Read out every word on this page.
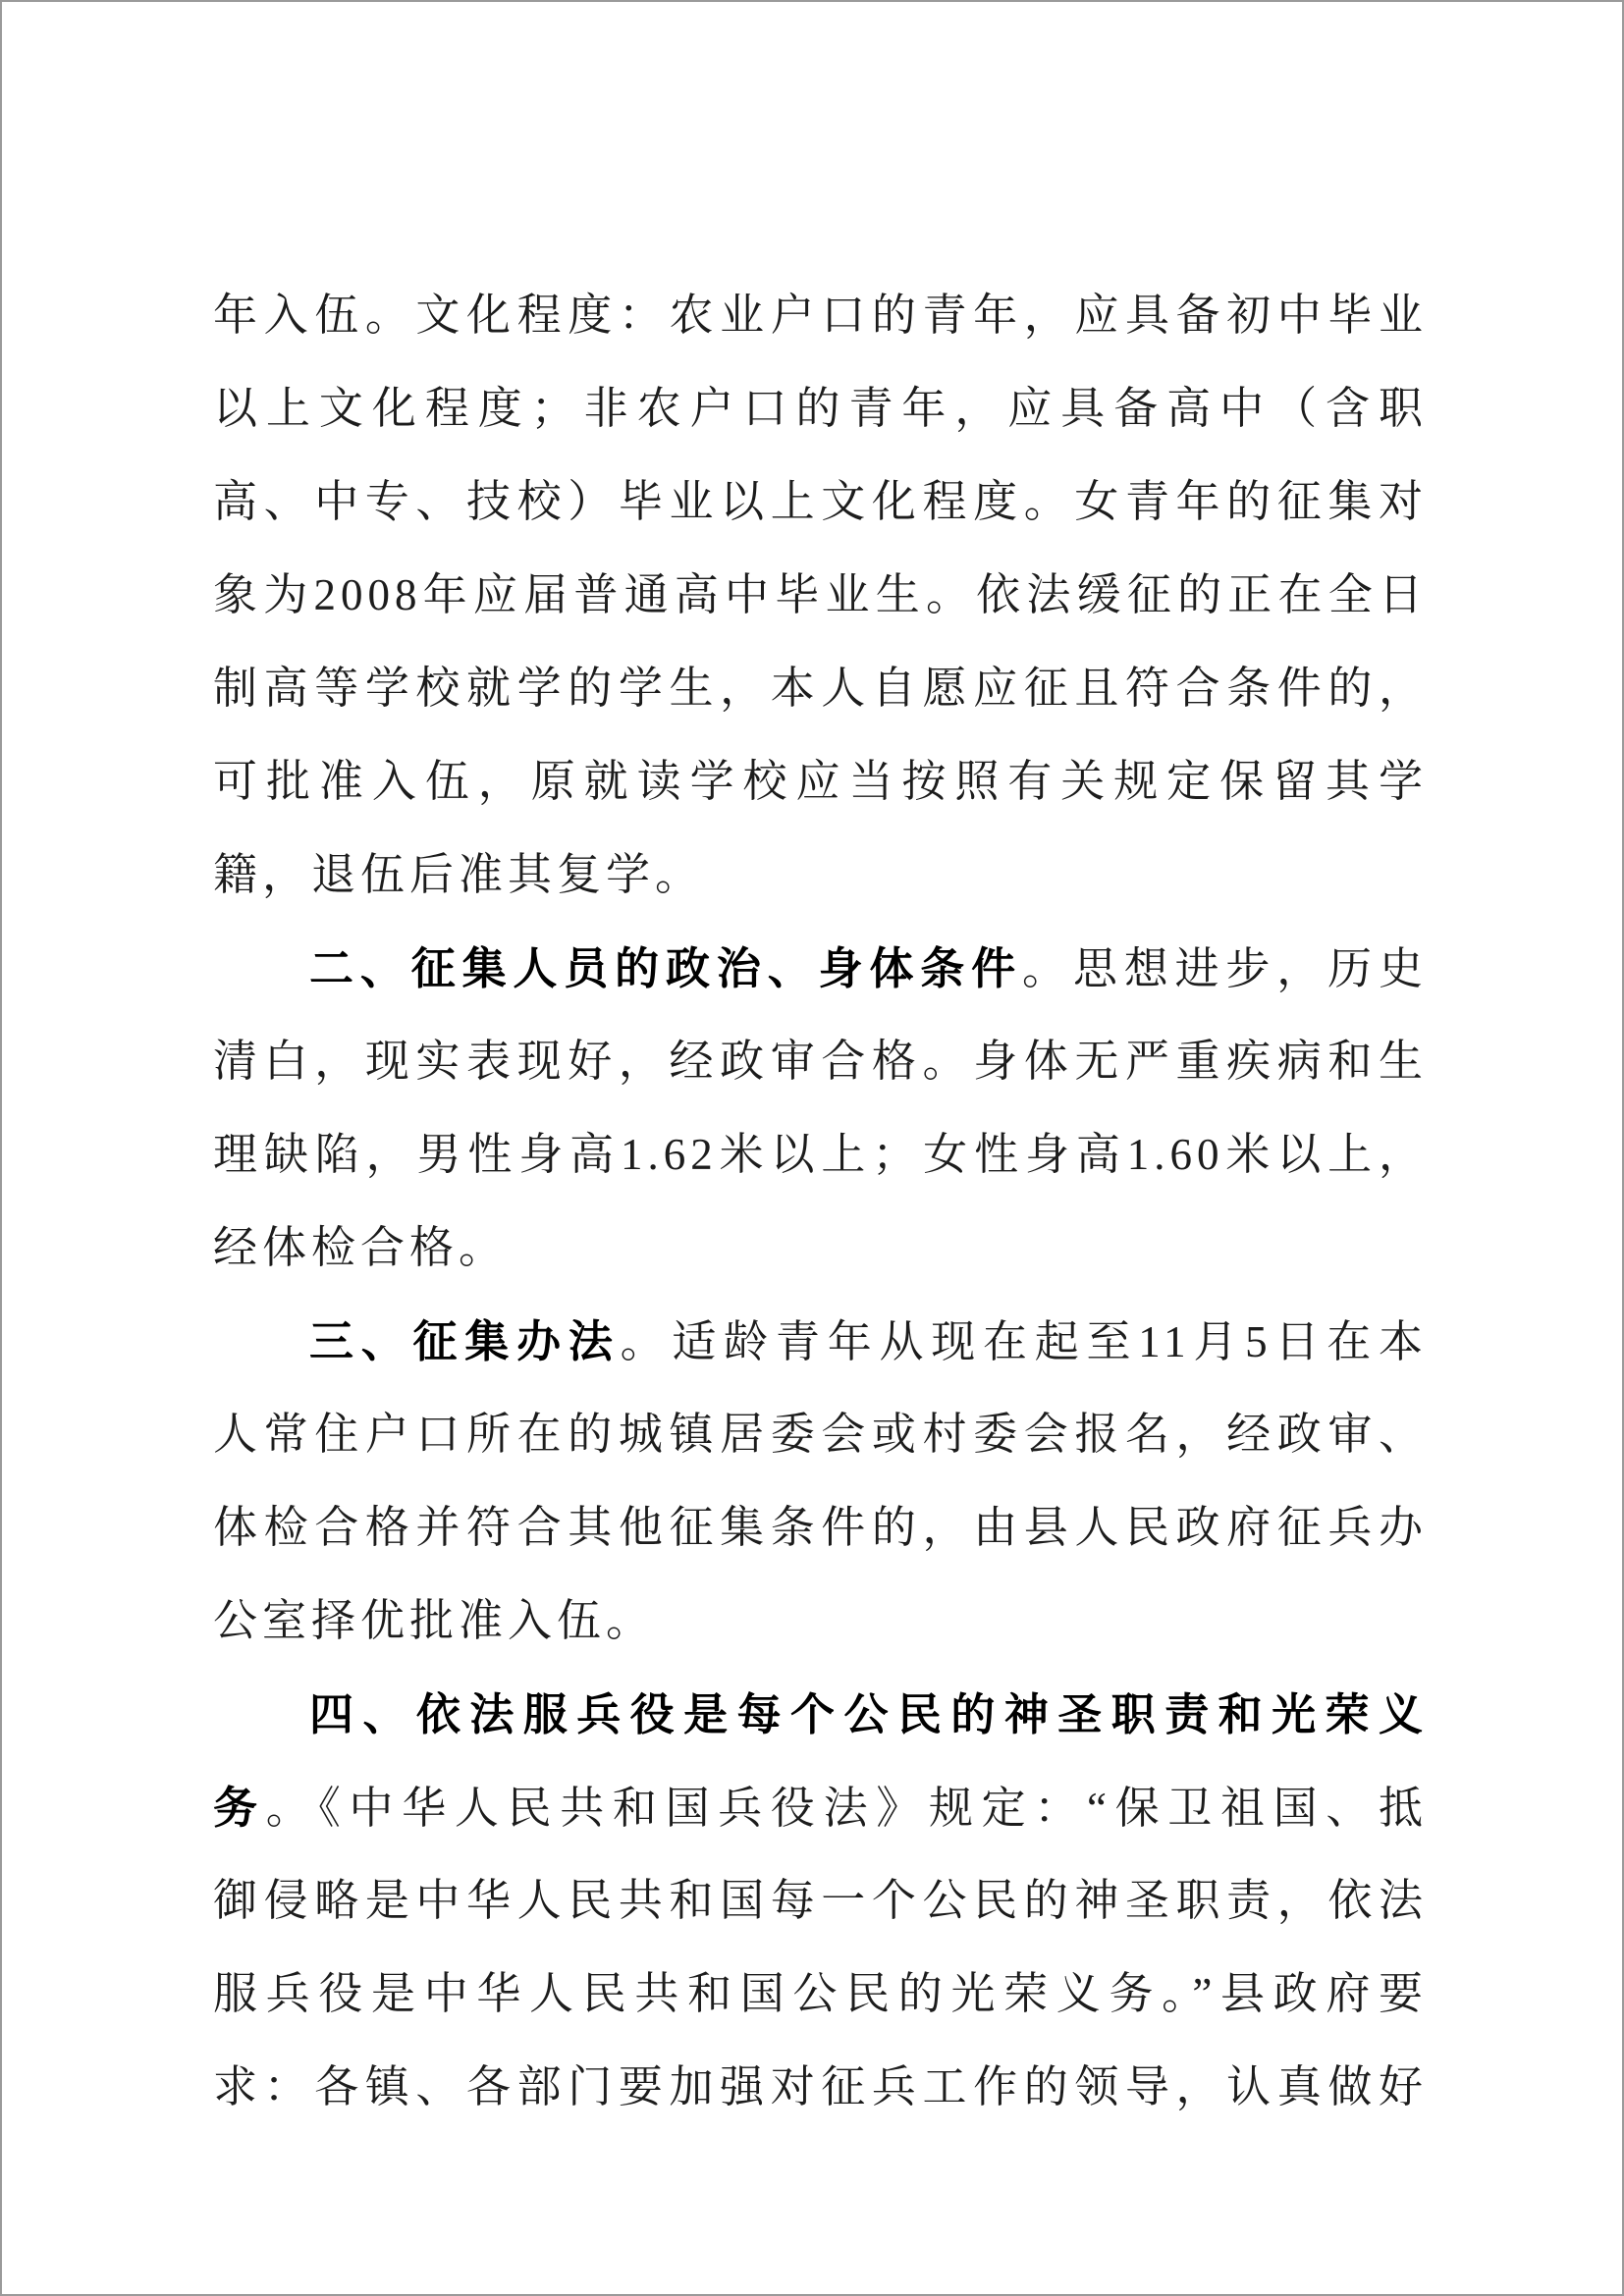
年入伍。文化程度：农业户口的青年，应具备初中毕业
以上文化程度；非农户口的青年，应具备高中（含职
高、中专、技校）毕业以上文化程度。女青年的征集对
象为2008年应届普通高中毕业生。依法缓征的正在全日
制高等学校就学的学生，本人自愿应征且符合条件的，
可批准入伍，原就读学校应当按照有关规定保留其学
籍，退伍后准其复学。
二、征集人员的政治、身体条件。思想进步，历史
清白，现实表现好，经政审合格。身体无严重疾病和生
理缺陷，男性身高1.62米以上；女性身高1.60米以上，
经体检合格。
三、征集办法。适龄青年从现在起至11月5日在本
人常住户口所在的城镇居委会或村委会报名，经政审、
体检合格并符合其他征集条件的，由县人民政府征兵办
公室择优批准入伍。
四、依法服兵役是每个公民的神圣职责和光荣义
务。《中华人民共和国兵役法》规定：“保卫祖国、抵
御侵略是中华人民共和国每一个公民的神圣职责，依法
服兵役是中华人民共和国公民的光荣义务。”县政府要
求：各镇、各部门要加强对征兵工作的领导，认真做好
